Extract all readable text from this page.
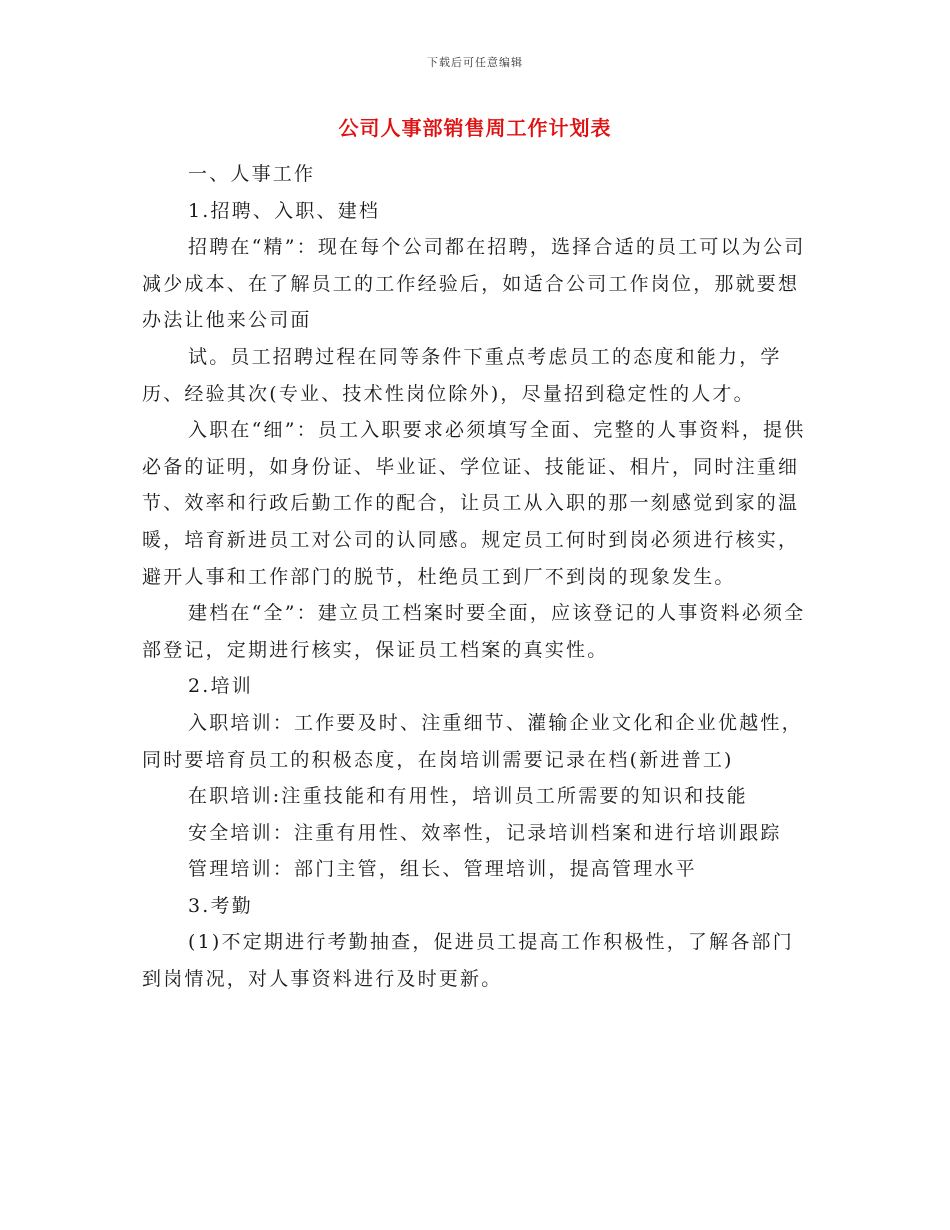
下载后可任意编辑
公司人事部销售周工作计划表

一、人事工作

1.招聘、入职、建档

招聘在“精”：现在每个公司都在招聘，选择合适的员工可以为公司减少成本、在了解员工的工作经验后，如适合公司工作岗位，那就要想办法让他来公司面

试。员工招聘过程在同等条件下重点考虑员工的态度和能力，学历、经验其次(专业、技术性岗位除外)，尽量招到稳定性的人才。

入职在“细”：员工入职要求必须填写全面、完整的人事资料，提供必备的证明，如身份证、毕业证、学位证、技能证、相片，同时注重细节、效率和行政后勤工作的配合，让员工从入职的那一刻感觉到家的温暖，培育新进员工对公司的认同感。规定员工何时到岗必须进行核实，避开人事和工作部门的脱节，杜绝员工到厂不到岗的现象发生。

建档在“全”：建立员工档案时要全面，应该登记的人事资料必须全部登记，定期进行核实，保证员工档案的真实性。

2.培训

入职培训：工作要及时、注重细节、灌输企业文化和企业优越性，同时要培育员工的积极态度，在岗培训需要记录在档(新进普工)

在职培训:注重技能和有用性，培训员工所需要的知识和技能

安全培训：注重有用性、效率性，记录培训档案和进行培训跟踪

管理培训：部门主管，组长、管理培训，提高管理水平

3.考勤

(1)不定期进行考勤抽查，促进员工提高工作积极性，了解各部门到岗情况，对人事资料进行及时更新。
